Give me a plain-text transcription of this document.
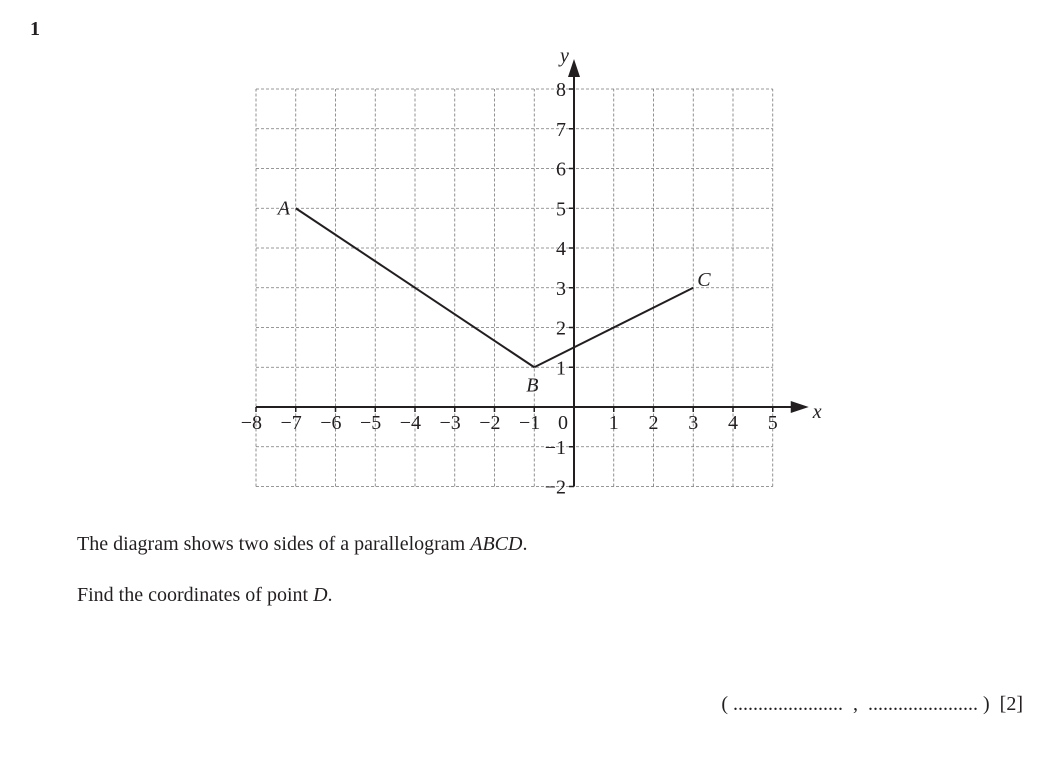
1
x
y
−8 −7 −6 −5 −4 −3 −2 −1	1 2 3 4 5
−2
−1
1
2
3
4
5
6
7
8
0
A
B
C
The diagram shows two sides of a parallelogram ABCD.
Find the coordinates of point D.
( ...................... , ...................... ) [2]
